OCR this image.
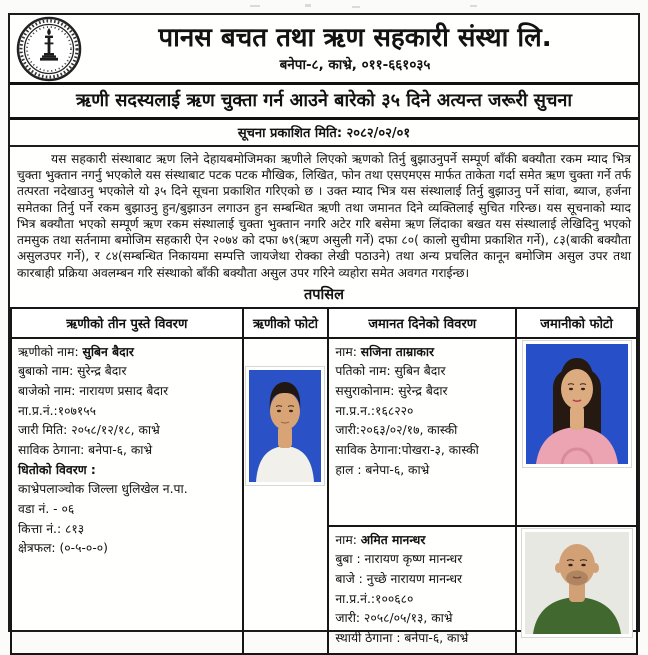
पानस बचत तथा ऋण सहकारी संस्था लि.
बनेपा-८, काभ्रे, ०११-६६१०३५
ऋणी सदस्यलाई ऋण चुक्ता गर्न आउने बारेको ३५ दिने अत्यन्त जरूरी सुचना
सूचना प्रकाशित मिति: २०८२/०२/०१
यस सहकारी संस्थाबाट ऋण लिने देहायबमोजिमका ऋणीले लिएको ऋणको तिर्नु बुझाउनुपर्ने सम्पूर्ण बाँकी बक्यौता रकम म्याद भित्र चुक्ता भुक्तान नगर्नु भएकोले यस संस्थाबाट पटक पटक मौखिक, लिखित, फोन तथा एसएमएस मार्फत ताकेता गर्दा समेत ऋण चुक्ता गर्ने तर्फ तत्परता नदेखाउनु भएकोले यो ३५ दिने सूचना प्रकाशित गरिएको छ । उक्त म्याद भित्र यस संस्थालाई तिर्नु बुझाउनु पर्ने सांवा, ब्याज, हर्जना समेतका तिर्नु पर्ने रकम बुझाउनु हुन/बुझाउन लगाउन हुन सम्बन्धित ऋणी तथा जमानत दिने व्यक्तिलाई सुचित गरिन्छ। यस सूचनाको म्याद भित्र बक्यौता भएको सम्पूर्ण ऋण रकम संस्थालाई चुक्ता भुक्तान नगरि अटेर गरि बसेमा ऋण लिंदाका बखत यस संस्थालाई लेखिदिनु भएको तमसुक तथा सर्तनामा बमोजिम सहकारी ऐन २०७४ को दफा ७९(ऋण असुली गर्ने) दफा ८०( कालो सुचीमा प्रकाशित गर्ने), ८३(बाकी बक्यौता असुलउपर गर्ने), र ८४(सम्बन्धित निकायमा सम्पत्ति जायजेथा रोक्का लेखी पठाउने) तथा अन्य प्रचलित कानून बमोजिम असुल उपर तथा कारबाही प्रक्रिया अवलम्बन गरि संस्थाको बाँकी बक्यौता असुल उपर गरिने व्यहोरा समेत अवगत गराईन्छ।
तपसिल
ऋणीको तीन पुस्ते विवरण	ऋणीको फोटो	जमानत दिनेको विवरण	जमानीको फोटो

ऋणीको नाम: सुबिन बैदार
बुबाको नाम: सुरेन्द्र बैदार
बाजेको नाम: नारायण प्रसाद बैदार
ना.प्र.नं.:१०७१५५
जारी मिति: २०५८/१२/१८, काभ्रे
साविक ठेगाना: बनेपा-६, काभ्रे
धितोको विवरण :
काभ्रेपलाञ्चोक जिल्ला धुलिखेल न.पा.
वडा नं. - ०६
कित्ता नं.: ८१३
क्षेत्रफल: (०-५-०-०)

नाम: सजिना ताम्राकार
पतिको नाम: सुबिन बैदार
ससुराकोनाम: सुरेन्द्र बैदार
ना.प्र.न.:१६८२२०
जारी:२०६३/०२/१७, कास्की
साविक ठेगाना:पोखरा-३, कास्की
हाल : बनेपा-६, काभ्रे

नाम: अमित मानन्धर
बुबा : नारायण कृष्ण मानन्धर
बाजे : नुच्छे नारायण मानन्धर
ना.प्र.नं.:१००६८०
जारी: २०५८/०५/१३, काभ्रे
स्थायी ठेगाना : बनेपा-६, काभ्रे
